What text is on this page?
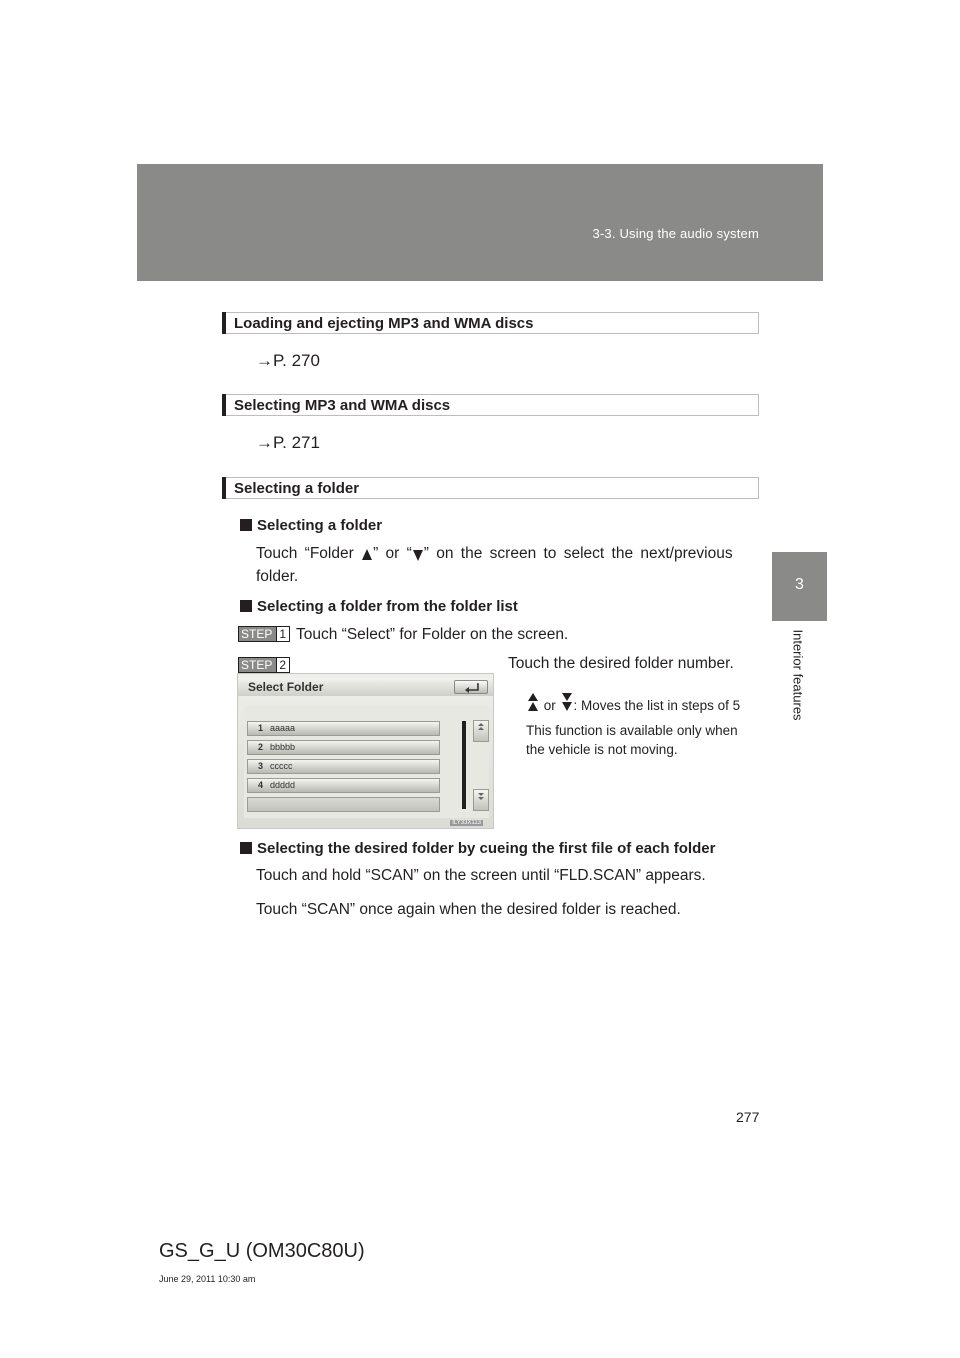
3-3. Using the audio system
3
Interior features
Loading and ejecting MP3 and WMA discs
→P. 270
Selecting MP3 and WMA discs
→P. 271
Selecting a folder
Selecting a folder
Touch “Folder ” or “ ” on the screen to select the next/previous
folder.
Selecting a folder from the folder list
STEP 1 Touch “Select” for Folder on the screen.
STEP 2	Touch the desired folder number.
Select Folder
1 aaaaa
2 bbbbb
3 ccccc
4 ddddd
ILY33X113
or : Moves the list in steps of 5
This function is available only when
the vehicle is not moving.
Selecting the desired folder by cueing the first file of each folder
Touch and hold “SCAN” on the screen until “FLD.SCAN” appears.
Touch “SCAN” once again when the desired folder is reached.
277
GS_G_U (OM30C80U)
June 29, 2011 10:30 am
